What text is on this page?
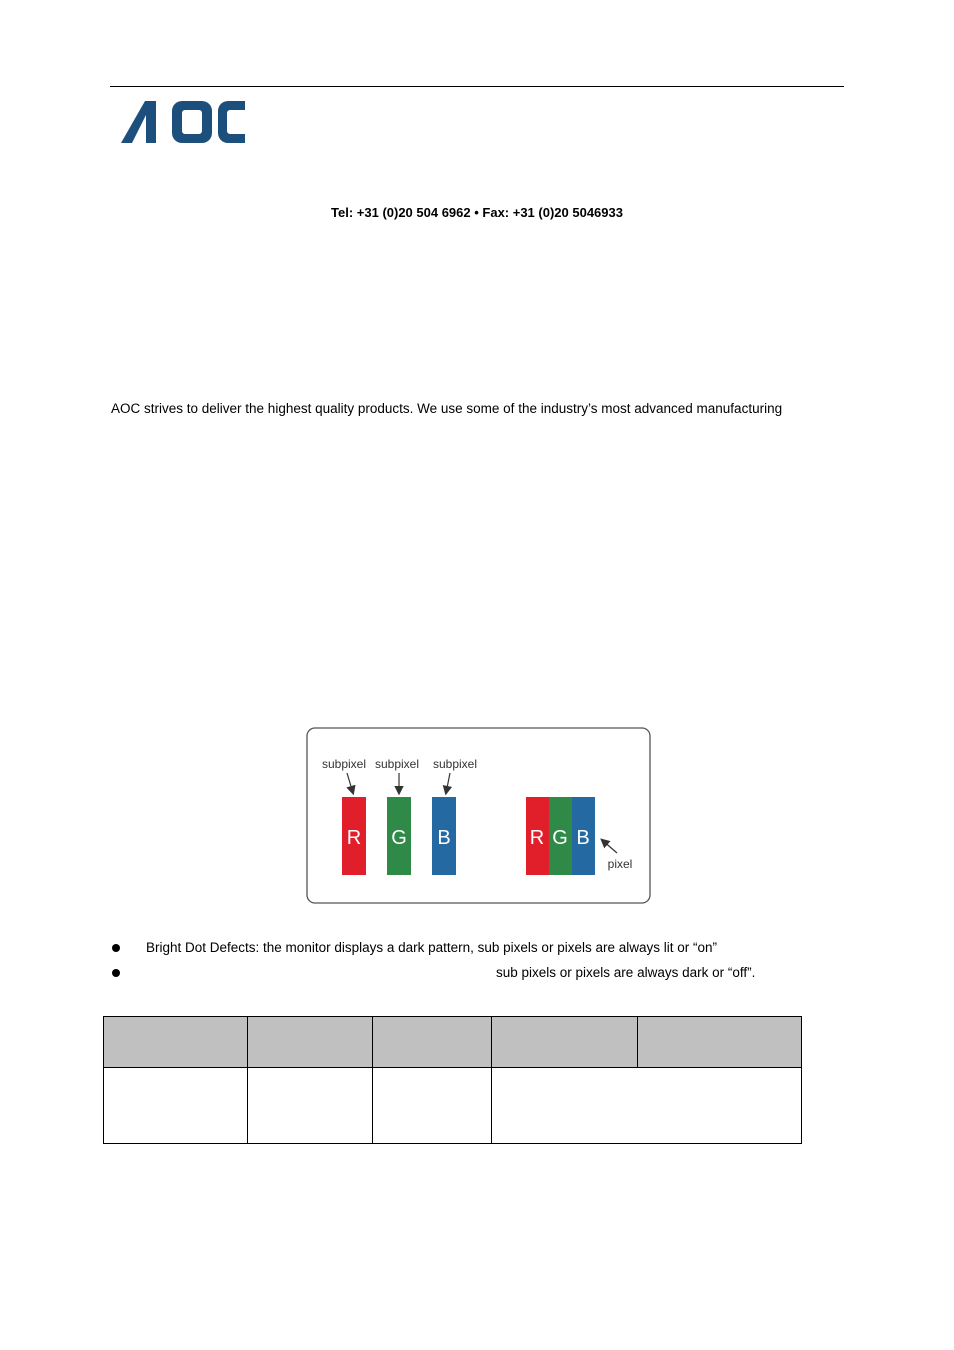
Tel: +31 (0)20 504 6962 • Fax: +31 (0)20 5046933
AOC strives to deliver the highest quality products. We use some of the industry’s most advanced manufacturing
subpixel subpixel subpixel
R G B	R G B
pixel
Bright Dot Defects: the monitor displays a dark pattern, sub pixels or pixels are always lit or “on”
sub pixels or pixels are always dark or “off”.
